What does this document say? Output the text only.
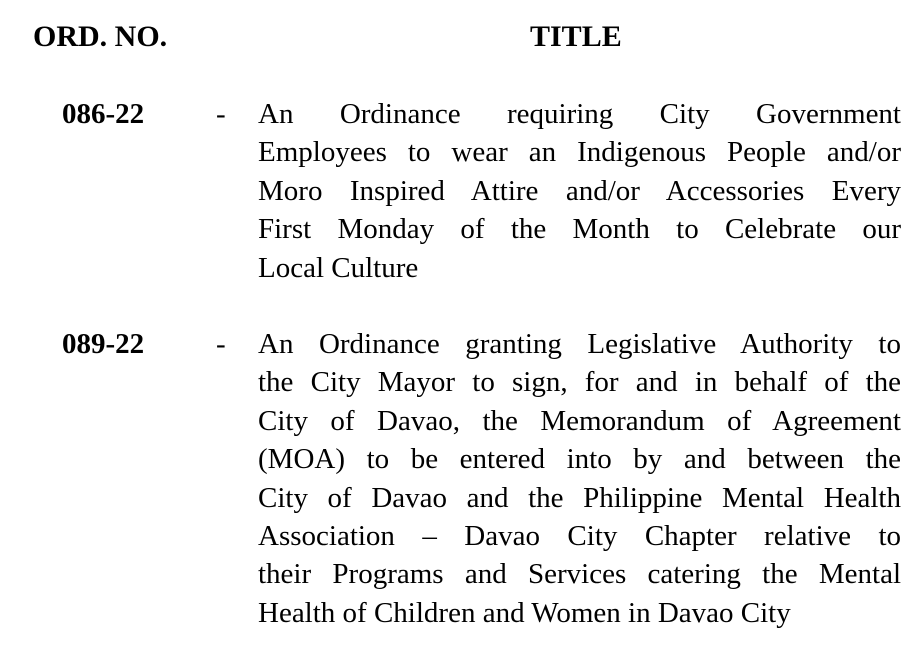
ORD. NO.	TITLE
086-22 - An Ordinance requiring City Government
Employees to wear an Indigenous People and/or
Moro Inspired Attire and/or Accessories Every
First Monday of the Month to Celebrate our
Local Culture
089-22 - An Ordinance granting Legislative Authority to
the City Mayor to sign, for and in behalf of the
City of Davao, the Memorandum of Agreement
(MOA) to be entered into by and between the
City of Davao and the Philippine Mental Health
Association – Davao City Chapter relative to
their Programs and Services catering the Mental
Health of Children and Women in Davao City
